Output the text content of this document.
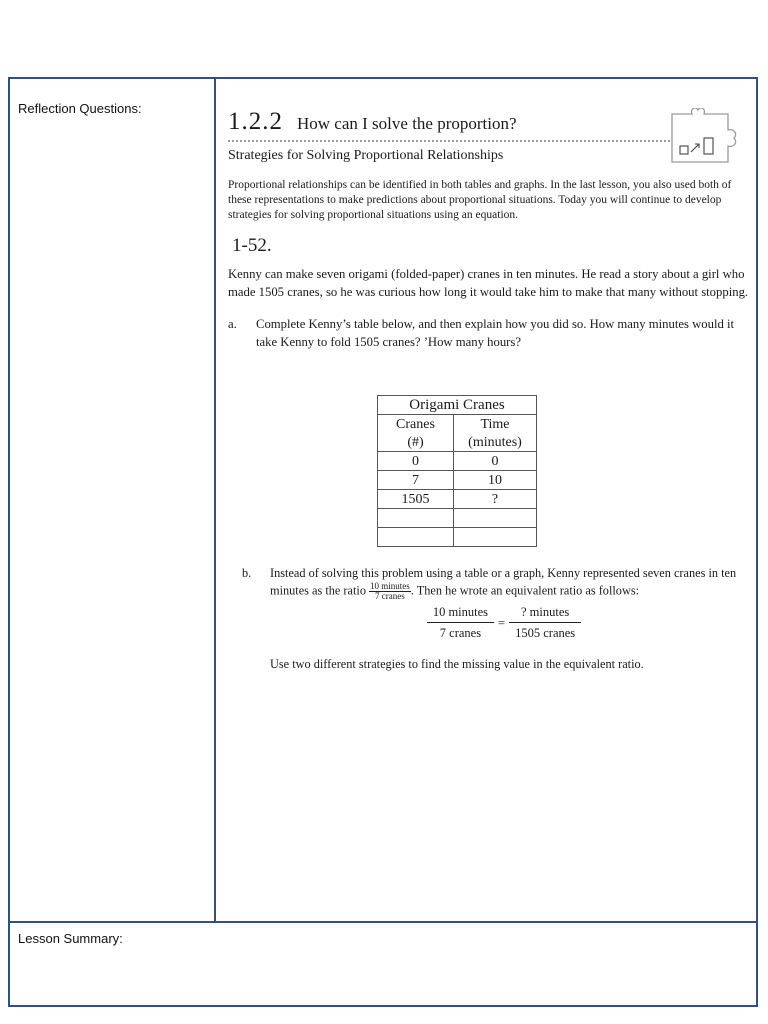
Reflection Questions:
Lesson Summary:
1.2.2 How can I solve the proportion?
Strategies for Solving Proportional Relationships
Proportional relationships can be identified in both tables and graphs. In the last lesson, you also used both of these representations to make predictions about proportional situations. Today you will continue to develop strategies for solving proportional situations using an equation.
1-52.
Kenny can make seven origami (folded-paper) cranes in ten minutes. He read a story about a girl who made 1505 cranes, so he was curious how long it would take him to make that many without stopping.
a.	Complete Kenny’s table below, and then explain how you did so. How many minutes would it take Kenny to fold 1505 cranes? ’How many hours?
Origami Cranes	
Cranes	Time
(#)	(minutes)
0	0
7	10
1505	?

b.	Instead of solving this problem using a table or a graph, Kenny represented seven cranes in ten minutes as the ratio $\frac{\text{10 minutes}}{\text{7 cranes}}$ . Then he wrote an equivalent ratio as follows:
10 minutes
7 cranes
=
? minutes
1505 cranes
Use two different strategies to find the missing value in the equivalent ratio.
